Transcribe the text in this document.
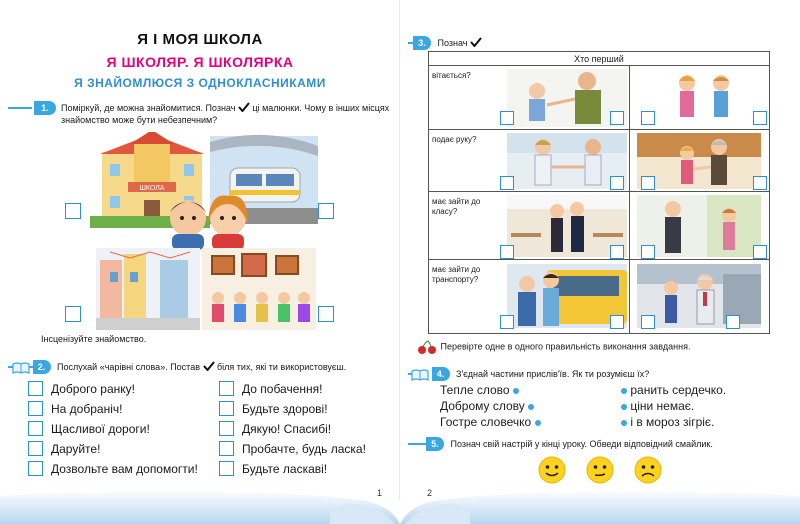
Я І МОЯ ШКОЛА
Я ШКОЛЯР. Я ШКОЛЯРКА
Я ЗНАЙОМЛЮСЯ З ОДНОКЛАСНИКАМИ
1.	Поміркуй, де можна знайомитися. Познач ці малюнки. Чому в інших місцях знайомство може бути небезпечним?
ШКОЛА
Інсценізуйте знайомство.
2. Послухай «чарівні слова». Постав біля тих, які ти використовуєш.
Доброго ранку!
На добраніч!
Щасливої дороги!
Даруйте!
Дозвольте вам допомогти!
До побачення!
Будьте здорові!
Дякую! Спасибі!
Пробачте, будь ласка!
Будьте ласкаві!
1
3. Познач
Хто перший
вітається?
подає руку?
має зайти до класу?
має зайти до транспорту?
Перевірте одне в одного правильність виконання завдання.
4. З'єднай частини прислів'їв. Як ти розумієш їх?
Тепле слово
Доброму слову
Гостре словечко
ранить сердечко.
ціни немає.
і в мороз зігріє.
5. Познач свій настрій у кінці уроку. Обведи відповідний смайлик.
2
